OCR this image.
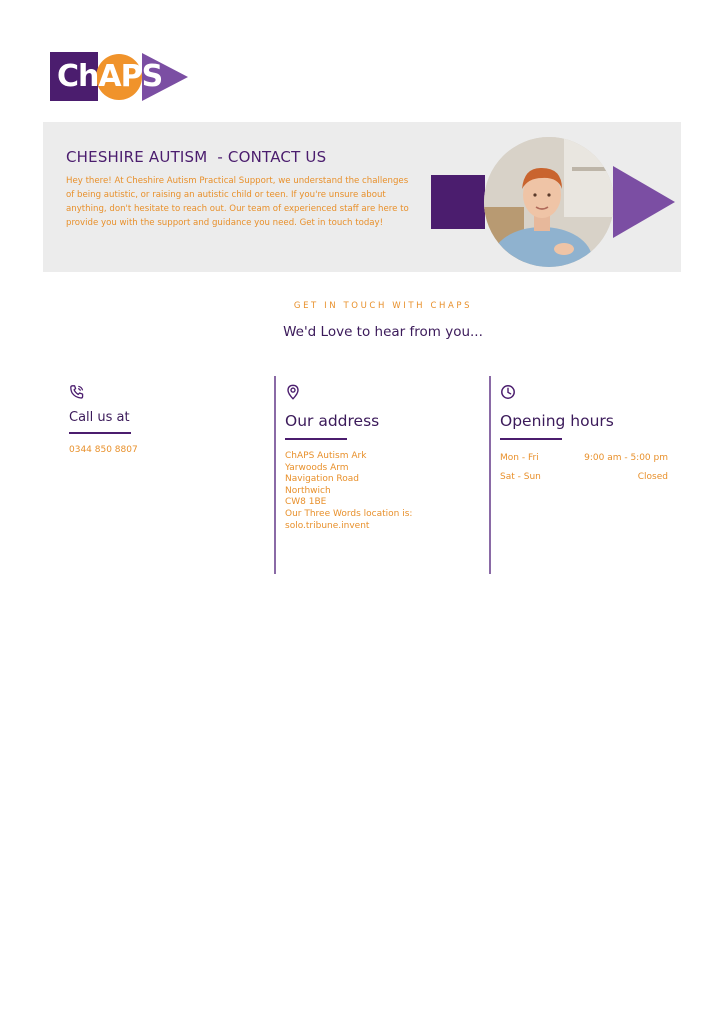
ChAPS
CHESHIRE AUTISM  - CONTACT US
Hey there! At Cheshire Autism Practical Support, we understand the challenges of being autistic, or raising an autistic child or teen. If you're unsure about anything, don't hesitate to reach out. Our team of experienced staff are here to provide you with the support and guidance you need. Get in touch today!
GET IN TOUCH WITH CHAPS
We'd Love to hear from you...
Call us at
0344 850 8807
Our address

ChAPS Autism Ark

Yarwoods Arm

Navigation Road

Northwich

CW8 1BE

Our Three Words location is:

solo.tribune.invent

Opening hours
Mon - Fri	9:00 am - 5:00 pm
Sat - Sun	Closed
